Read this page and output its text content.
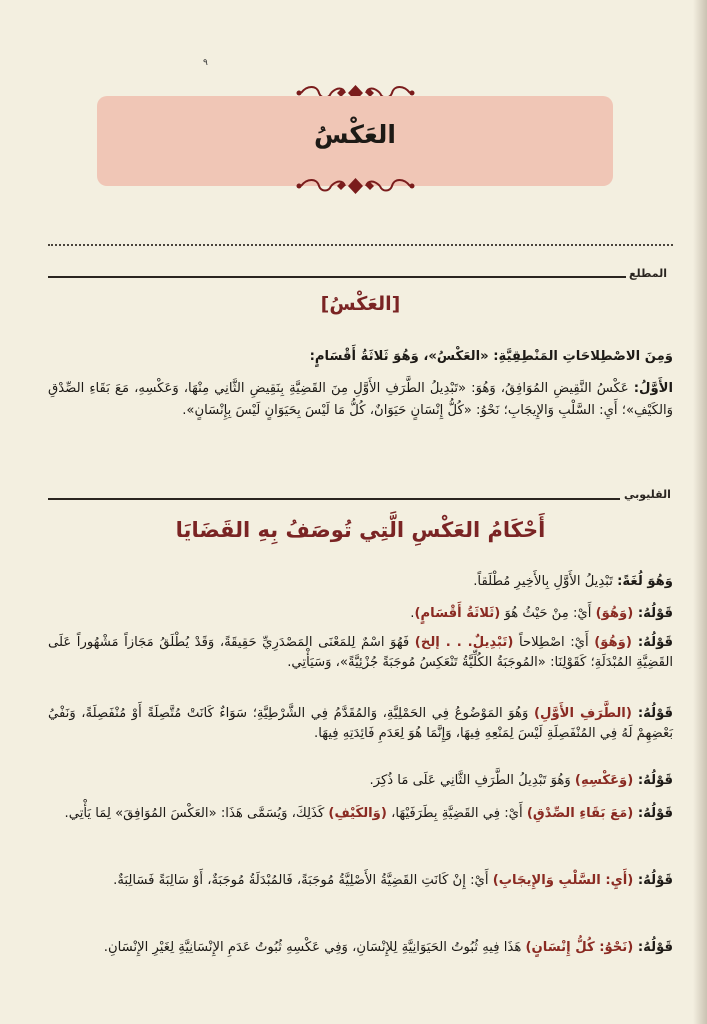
۹
العَكْسُ
المطلع
[العَكْسُ]
وَمِنَ الاصْطِلاحَاتِ المَنْطِقِيَّةِ: «العَكْسُ»، وَهُوَ ثَلاثَةُ أَقْسَامٍ:
الأَوَّلُ: عَكْسُ النَّقِيضِ المُوَافِقُ، وَهُوَ: «تَبْدِيلُ الطَّرَفِ الأَوَّلِ مِنَ القَضِيَّةِ بِنَقِيضِ الثَّانِي مِنْهَا، وَعَكْسِهِ، مَعَ بَقَاءِ الصِّدْقِ وَالكَيْفِ»؛ أَيِ: السَّلْبِ وَالإِيجَابِ؛ نَحْوُ: «كُلُّ إِنْسَانٍ حَيَوَانٌ، كُلُّ مَا لَيْسَ بِحَيَوَانٍ لَيْسَ بِإِنْسَانٍ».
القليوبي
أَحْكَامُ العَكْسِ الَّتِي تُوصَفُ بِهِ القَضَايَا
وَهُوَ لُغَةً: تَبْدِيلُ الأَوَّلِ بِالأَخِيرِ مُطْلَقاً.
قَوْلُهُ: (وَهُوَ) أَيْ: مِنْ حَيْثُ هُوَ (ثَلاثَةُ أَقْسَامٍ).
قَوْلُهُ: (وَهُوَ) أَيْ: اصْطِلاحاً (تَبْدِيلٌ. . . إلخ) فَهُوَ اسْمٌ لِلمَعْنَى المَصْدَرِيِّ حَقِيقَةً، وَقَدْ يُطْلَقُ مَجَازاً مَشْهُوراً عَلَى القَضِيَّةِ المُبْدَلَةِ؛ كَقَوْلِنَا: «المُوجَبَةُ الكُلِّيَّةُ تَنْعَكِسُ مُوجَبَةً جُزْئِيَّةً»، وَسَيَأْتِي.
قَوْلُهُ: (الطَّرَفِ الأَوَّلِ) وَهُوَ المَوْضُوعُ فِي الحَمْلِيَّةِ، وَالمُقَدَّمُ فِي الشَّرْطِيَّةِ؛ سَوَاءٌ كَانَتْ مُتَّصِلَةً أَوْ مُنْفَصِلَةً، وَنَفْيُ بَعْضِهِمْ لَهُ فِي المُنْفَصِلَةِ لَيْسَ لِمَنْعِهِ فِيهَا، وَإِنَّمَا هُوَ لِعَدَمِ فَائِدَتِهِ فِيهَا.
قَوْلُهُ: (وَعَكْسِهِ) وَهُوَ تَبْدِيلُ الطَّرَفِ الثَّانِي عَلَى مَا ذُكِرَ.
قَوْلُهُ: (مَعَ بَقَاءِ الصِّدْقِ) أَيْ: فِي القَضِيَّةِ بِطَرَفَيْهَا، (وَالكَيْفِ) كَذَلِكَ، وَيُسَمَّى هَذَا: «العَكْسَ المُوَافِقَ» لِمَا يَأْتِي.
قَوْلُهُ: (أَيِ: السَّلْبِ وَالإِيجَابِ) أَيْ: إِنْ كَانَتِ القَضِيَّةُ الأَصْلِيَّةُ مُوجَبَةً، فَالمُبْدَلَةُ مُوجَبَةٌ، أَوْ سَالِبَةً فَسَالِبَةٌ.
قَوْلُهُ: (نَحْوُ: كُلُّ إِنْسَانٍ) هَذَا فِيهِ ثُبُوتُ الحَيَوَانِيَّةِ لِلإِنْسَانِ، وَفِي عَكْسِهِ ثُبُوتُ عَدَمِ الإِنْسَانِيَّةِ لِغَيْرِ الإِنْسَانِ.
